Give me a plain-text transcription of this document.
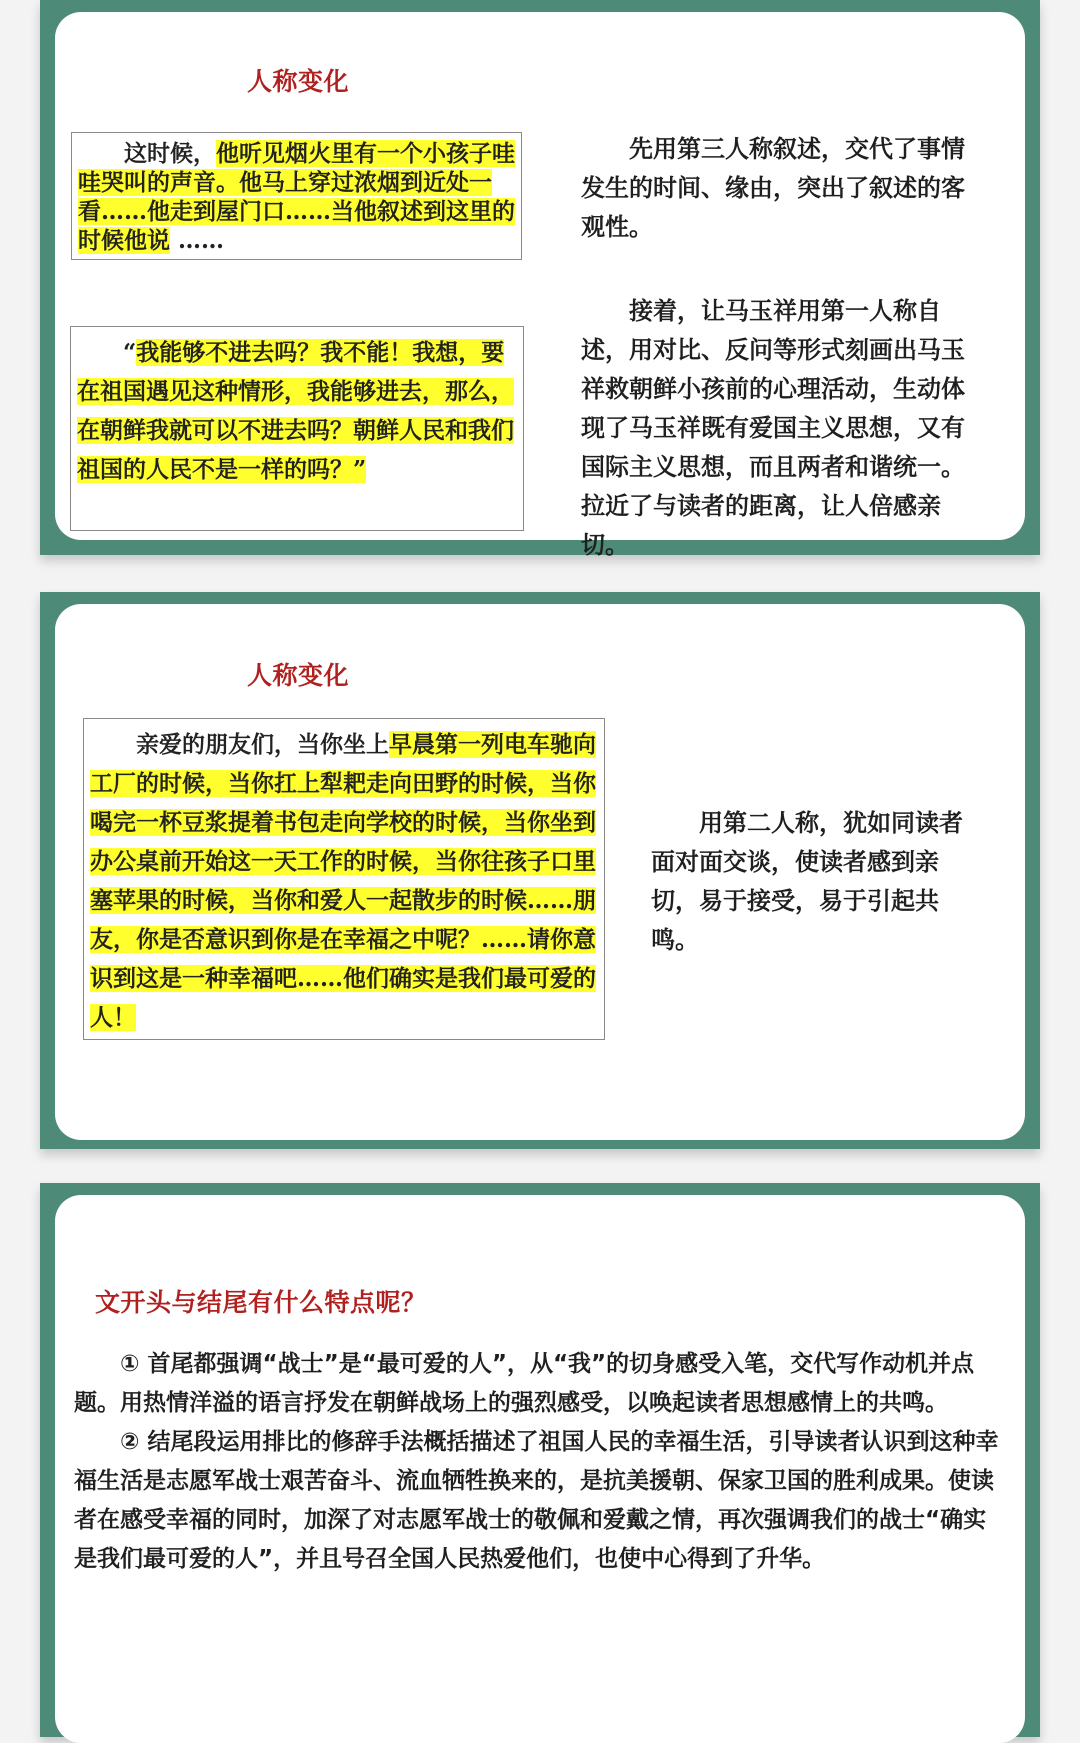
人称变化
这时候，他听见烟火里有一个小孩子哇哇哭叫的声音。他马上穿过浓烟到近处一看……他走到屋门口……当他叙述到这里的时候他说 ……
“我能够不进去吗？我不能！我想，要在祖国遇见这种情形，我能够进去，那么，在朝鲜我就可以不进去吗？朝鲜人民和我们祖国的人民不是一样的吗？”

先用第三人称叙述，交代了事情发生的时间、缘由，突出了叙述的客观性。

接着，让马玉祥用第一人称自述，用对比、反问等形式刻画出马玉祥救朝鲜小孩前的心理活动，生动体现了马玉祥既有爱国主义思想，又有国际主义思想，而且两者和谐统一。拉近了与读者的距离，让人倍感亲切。

人称变化
亲爱的朋友们，当你坐上早晨第一列电车驰向工厂的时候，当你扛上犁耙走向田野的时候，当你喝完一杯豆浆提着书包走向学校的时候，当你坐到办公桌前开始这一天工作的时候，当你往孩子口里塞苹果的时候，当你和爱人一起散步的时候……朋友，你是否意识到你是在幸福之中呢？……请你意识到这是一种幸福吧……他们确实是我们最可爱的人！

用第二人称，犹如同读者面对面交谈，使读者感到亲切，易于接受，易于引起共鸣。

文开头与结尾有什么特点呢？

① 首尾都强调“战士”是“最可爱的人”，从“我”的切身感受入笔，交代写作动机并点题。用热情洋溢的语言抒发在朝鲜战场上的强烈感受，以唤起读者思想感情上的共鸣。

② 结尾段运用排比的修辞手法概括描述了祖国人民的幸福生活，引导读者认识到这种幸福生活是志愿军战士艰苦奋斗、流血牺牲换来的，是抗美援朝、保家卫国的胜利成果。使读者在感受幸福的同时，加深了对志愿军战士的敬佩和爱戴之情，再次强调我们的战士“确实是我们最可爱的人”，并且号召全国人民热爱他们，也使中心得到了升华。
